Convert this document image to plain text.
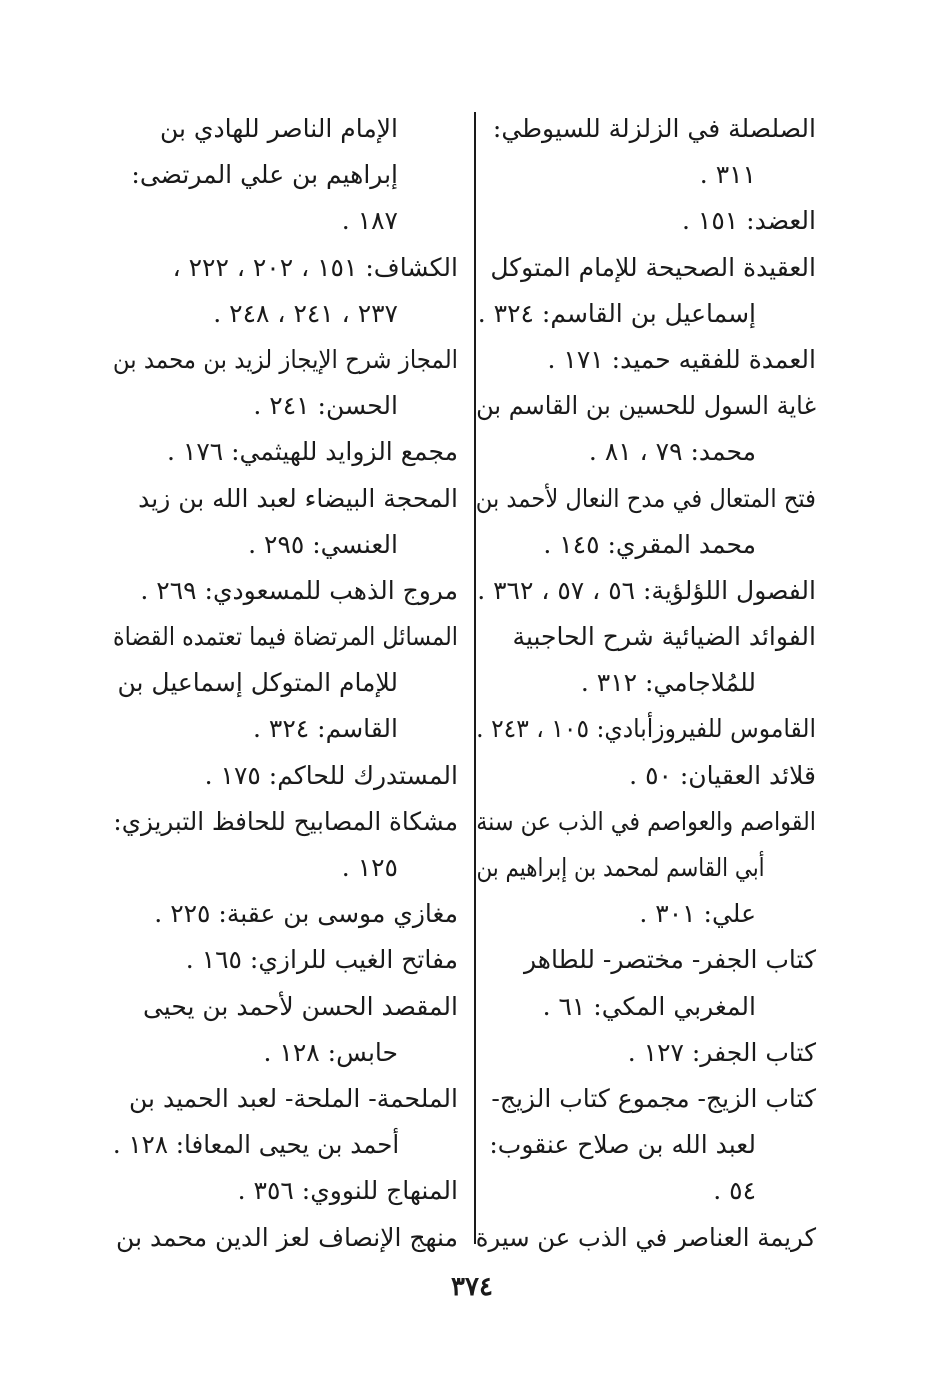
الصلصلة في الزلزلة للسيوطي:
٣١١ .
العضد: ١٥١ .
العقيدة الصحيحة للإمام المتوكل
إسماعيل بن القاسم: ٣٢٤ .
العمدة للفقيه حميد: ١٧١ .
غاية السول للحسين بن القاسم بن
محمد: ٧٩ ، ٨١ .
فتح المتعال في مدح النعال لأحمد بن
محمد المقري: ١٤٥ .
الفصول اللؤلؤية: ٥٦ ، ٥٧ ، ٣٦٢ .
الفوائد الضيائية شرح الحاجبية
للمُلاجامي: ٣١٢ .
القاموس للفيروزأبادي: ١٠٥ ، ٢٤٣ .
قلائد العقيان: ٥٠ .
القواصم والعواصم في الذب عن سنة
أبي القاسم لمحمد بن إبراهيم بن
علي: ٣٠١ .
كتاب الجفر- مختصر- للطاهر
المغربي المكي: ٦١ .
كتاب الجفر: ١٢٧ .
كتاب الزيج- مجموع كتاب الزيج-
لعبد الله بن صلاح عنقوب:
٥٤ .
كريمة العناصر في الذب عن سيرة
الإمام الناصر للهادي بن
إبراهيم بن علي المرتضى:
١٨٧ .
الكشاف: ١٥١ ، ٢٠٢ ، ٢٢٢ ،
٢٣٧ ، ٢٤١ ، ٢٤٨ .
المجاز شرح الإيجاز لزيد بن محمد بن
الحسن: ٢٤١ .
مجمع الزوايد للهيثمي: ١٧٦ .
المحجة البيضاء لعبد الله بن زيد
العنسي: ٢٩٥ .
مروج الذهب للمسعودي: ٢٦٩ .
المسائل المرتضاة فيما تعتمده القضاة
للإمام المتوكل إسماعيل بن
القاسم: ٣٢٤ .
المستدرك للحاكم: ١٧٥ .
مشكاة المصابيح للحافظ التبريزي:
١٢٥ .
مغازي موسى بن عقبة: ٢٢٥ .
مفاتح الغيب للرازي: ١٦٥ .
المقصد الحسن لأحمد بن يحيى
حابس: ١٢٨ .
الملحمة- الملحة- لعبد الحميد بن
أحمد بن يحيى المعافا: ١٢٨ .
المنهاج للنووي: ٣٥٦ .
منهج الإنصاف لعز الدين محمد بن
٣٧٤
